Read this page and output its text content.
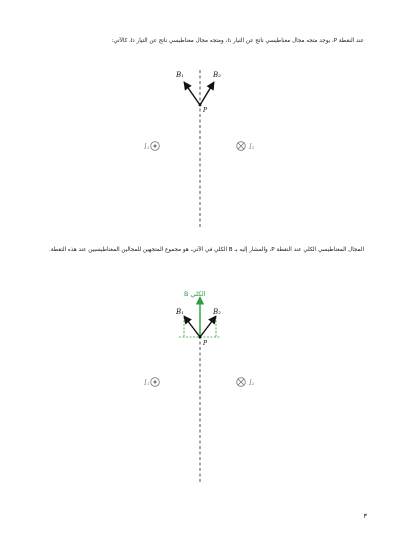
عند النقطة P، يوجد متجه مجال مغناطيسي ناتج عن التيار I₁، ومتجه مجال مغناطيسي ناتج عن التيار I₂، كالآتي:
B₁	B₂
P
I₁	I₂
المجال المغناطيسي الكلي عند النقطة P، والمشار إليه بـ B الكلي في الآتي، هو مجموع المتجهين للمجالين المغناطيسيين عند هذه النقطة.
B الكلي
B₁	B₂
P
I₁	I₂
٣
